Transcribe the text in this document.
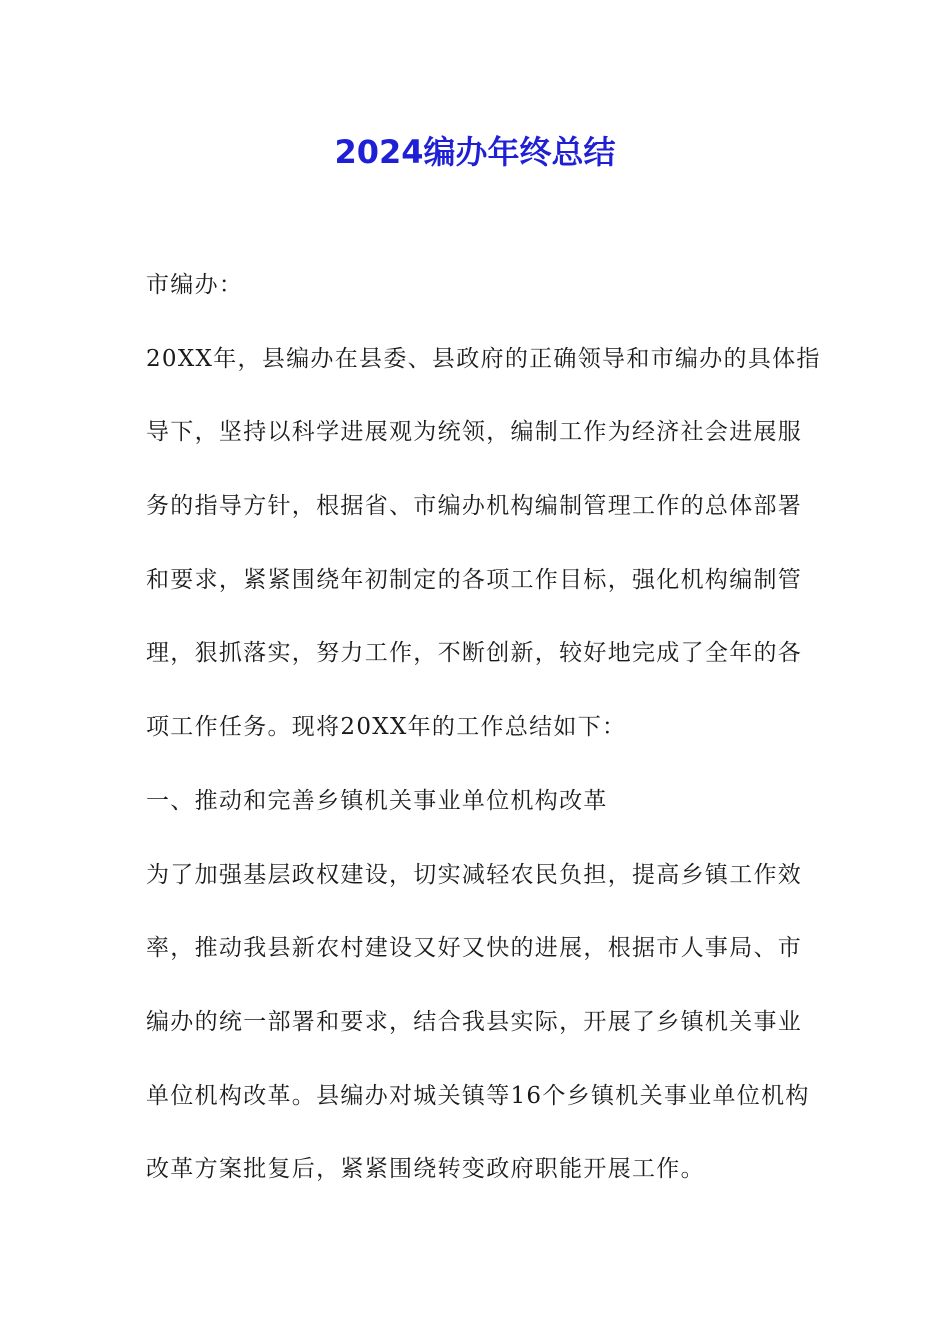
2024编办年终总结
市编办：
20XX年，县编办在县委、县政府的正确领导和市编办的具体指
导下，坚持以科学进展观为统领，编制工作为经济社会进展服
务的指导方针，根据省、市编办机构编制管理工作的总体部署
和要求，紧紧围绕年初制定的各项工作目标，强化机构编制管
理，狠抓落实，努力工作，不断创新，较好地完成了全年的各
项工作任务。现将20XX年的工作总结如下：
一、推动和完善乡镇机关事业单位机构改革
为了加强基层政权建设，切实减轻农民负担，提高乡镇工作效
率，推动我县新农村建设又好又快的进展，根据市人事局、市
编办的统一部署和要求，结合我县实际，开展了乡镇机关事业
单位机构改革。县编办对城关镇等16个乡镇机关事业单位机构
改革方案批复后，紧紧围绕转变政府职能开展工作。
